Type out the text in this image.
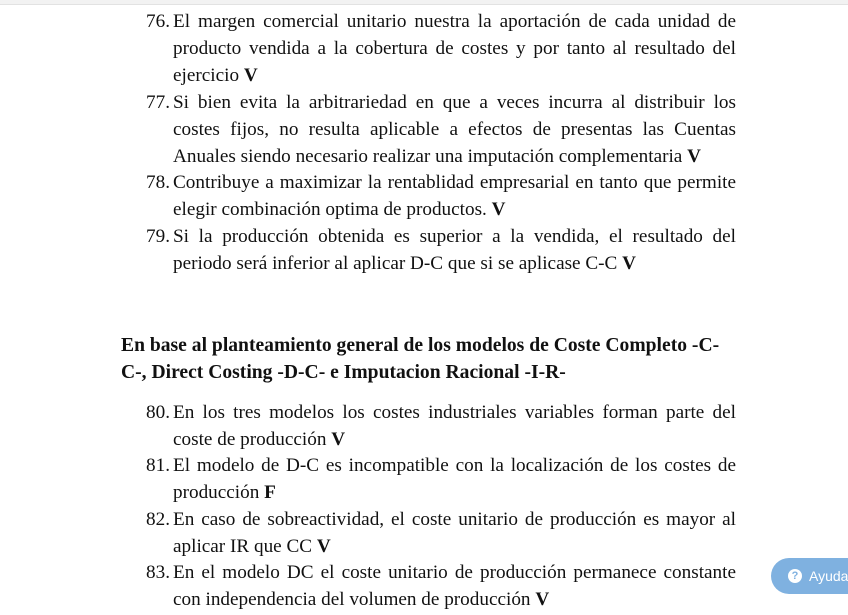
76. El margen comercial unitario nuestra la aportación de cada unidad de producto vendida a la cobertura de costes y por tanto al resultado del ejercicio V
77. Si bien evita la arbitrariedad en que a veces incurra al distribuir los costes fijos, no resulta aplicable a efectos de presentas las Cuentas Anuales siendo necesario realizar una imputación complementaria V
78. Contribuye a maximizar la rentablidad empresarial en tanto que permite elegir combinación optima de productos. V
79. Si la producción obtenida es superior a la vendida, el resultado del periodo será inferior al aplicar D-C que si se aplicase C-C V
En base al planteamiento general de los modelos de Coste Completo -C-C-, Direct Costing -D-C- e Imputacion Racional -I-R-
80. En los tres modelos los costes industriales variables forman parte del coste de producción V
81. El modelo de D-C es incompatible con la localización de los costes de producción F
82. En caso de sobreactividad, el coste unitario de producción es mayor al aplicar IR que CC V
83. En el modelo DC el coste unitario de producción permanece constante con independencia del volumen de producción V
? Ayuda
